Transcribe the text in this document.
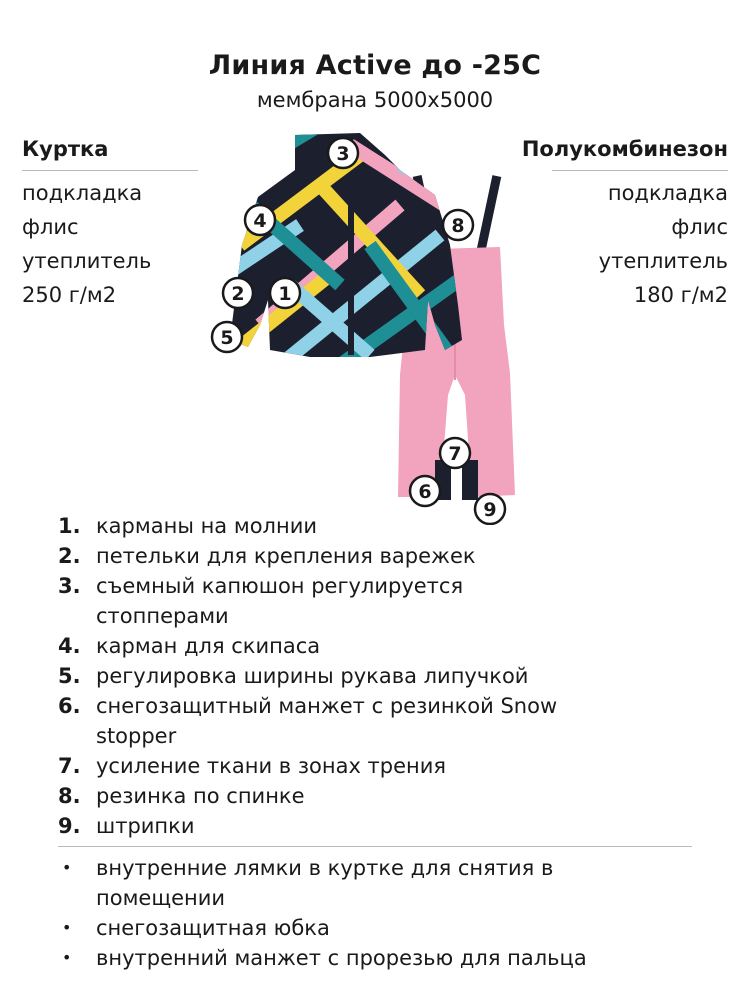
Линия Active до -25С
мембрана 5000х5000
Куртка
подкладка
флис
утеплитель
250 г/м2
Полукомбинезон
подкладка
флис
утеплитель
180 г/м2
1
2
3
4
5
6
7
8
9
1. карманы на молнии
2. петельки для крепления варежек
3. съемный капюшон регулируется стопперами
4. карман для скипаса
5. регулировка ширины рукава липучкой
6. снегозащитный манжет с резинкой Snow stopper
7. усиление ткани в зонах трения
8. резинка по спинке
9. штрипки
•	внутренние лямки в куртке для снятия в помещении
•	снегозащитная юбка
•	внутренний манжет с прорезью для пальца
